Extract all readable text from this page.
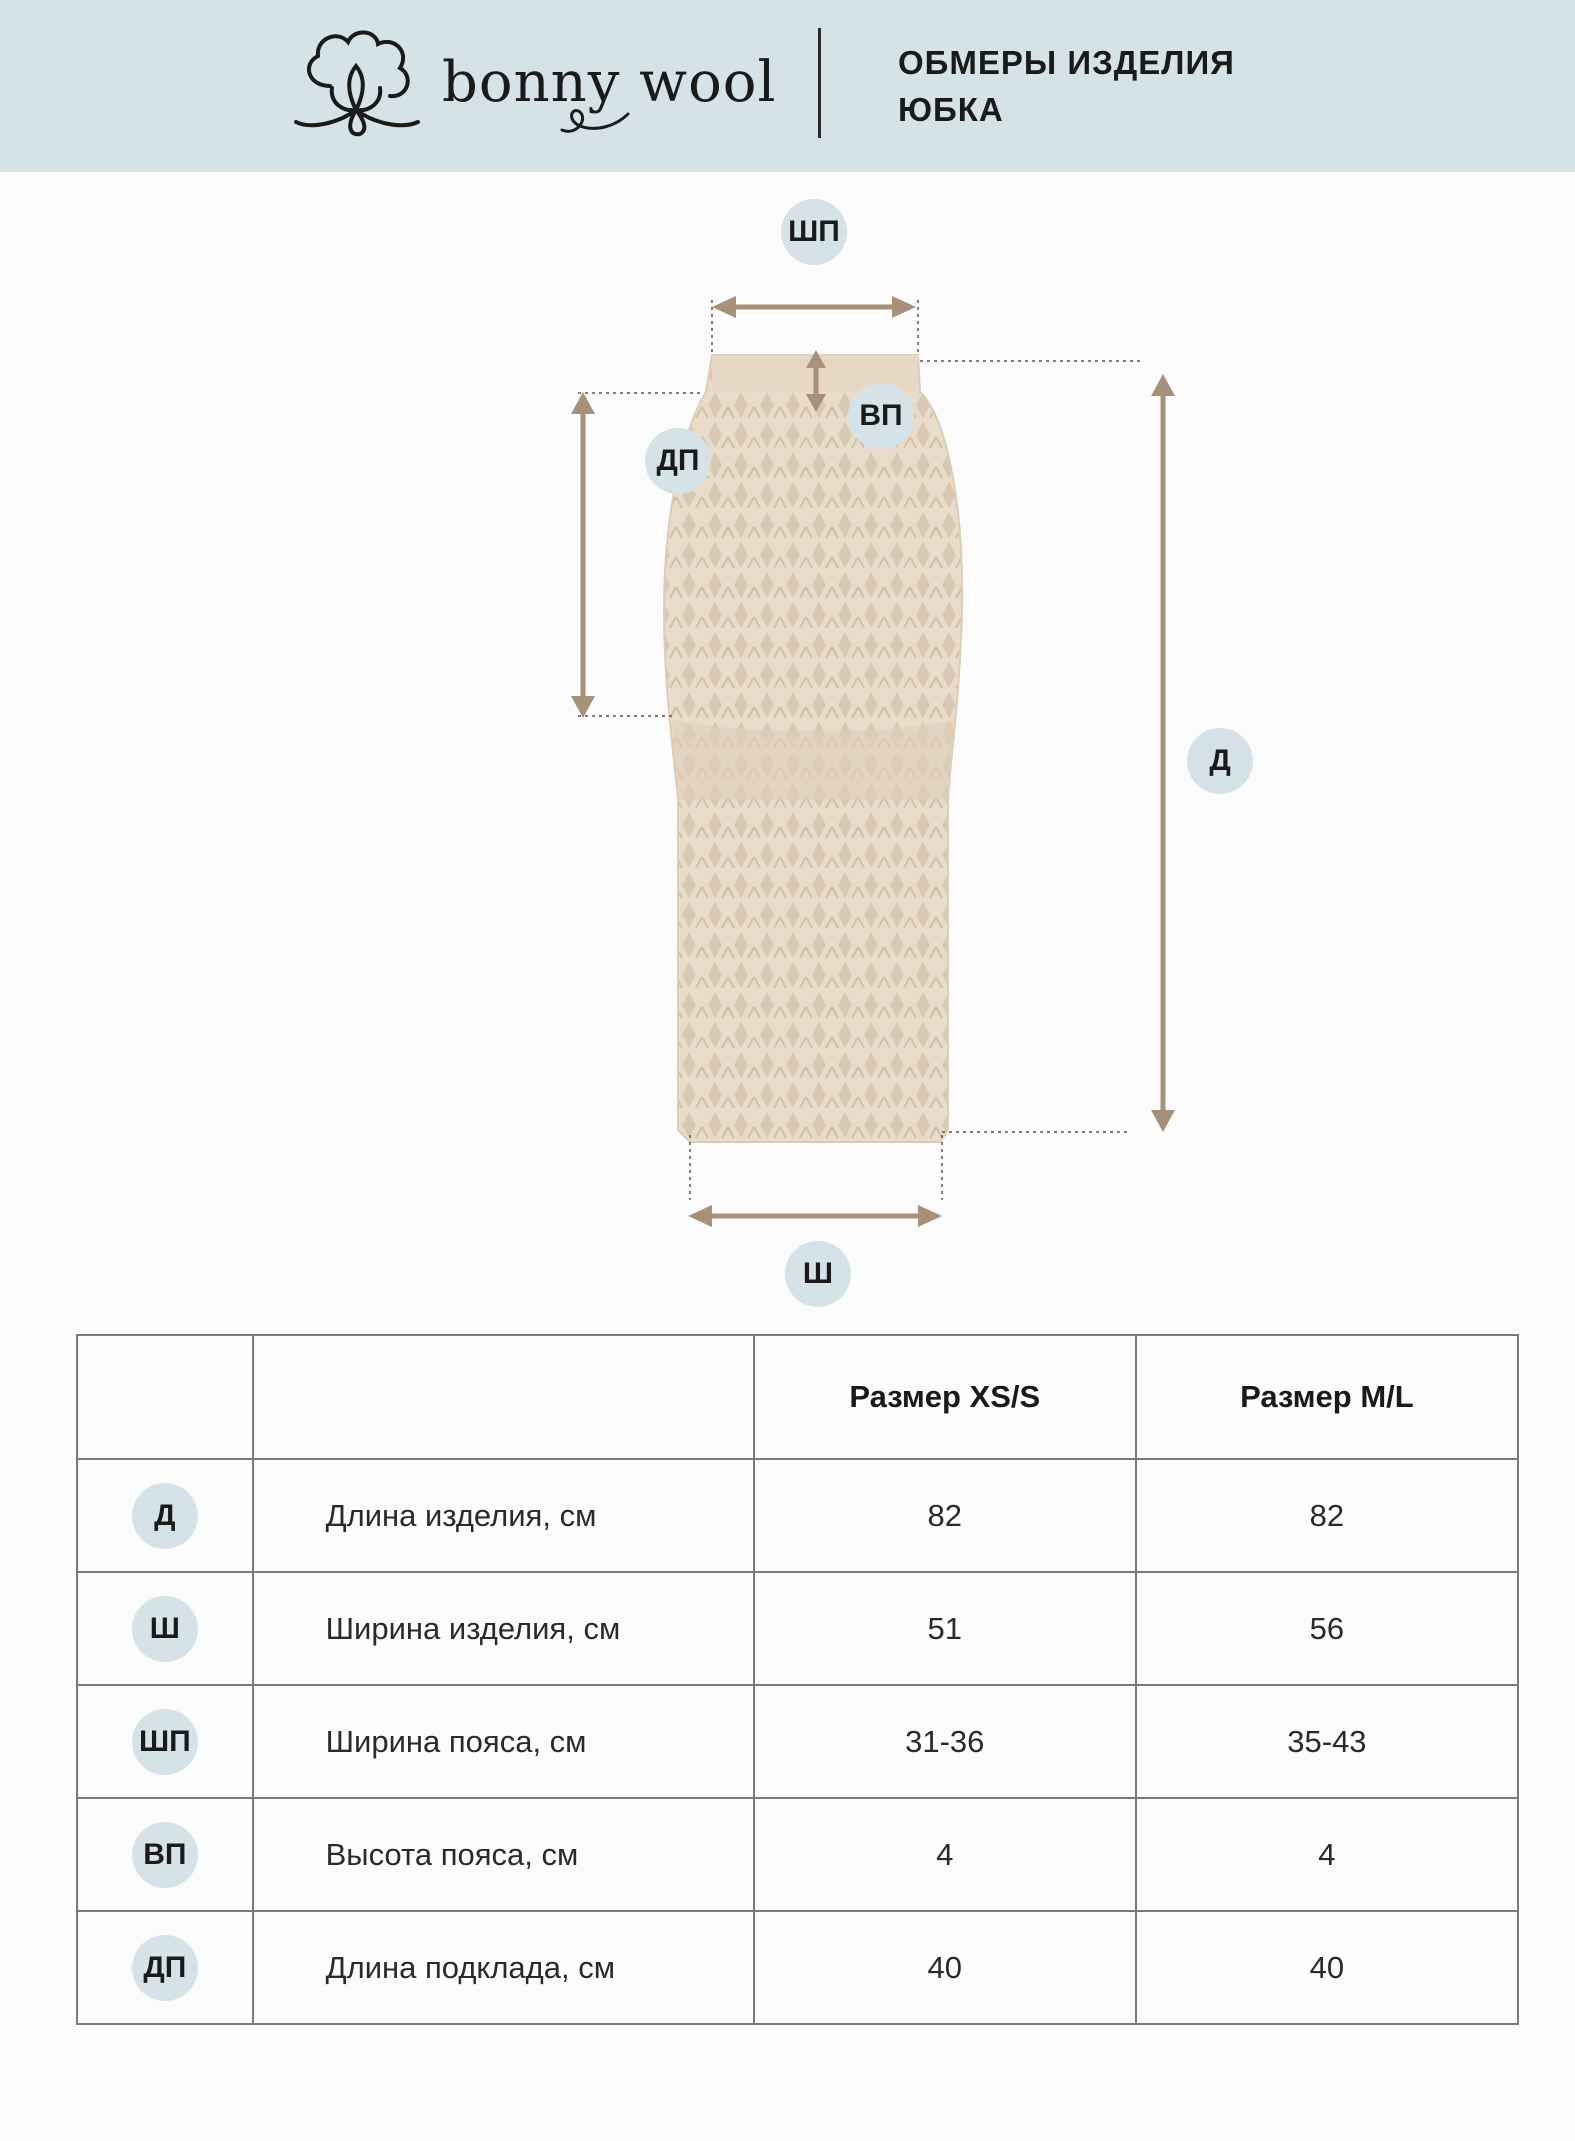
bonny wool	ОБМЕРЫ ИЗДЕЛИЯ
ЮБКА
ШП
ВП
ДП
Д
Ш
		Размер XS/S	Размер M/L

Д	Длина изделия, см	82	82

Ш	Ширина изделия, см	51	56

ШП	Ширина пояса, см	31-36	35-43

ВП	Высота пояса, см	4	4

ДП	Длина подклада, см	40	40
